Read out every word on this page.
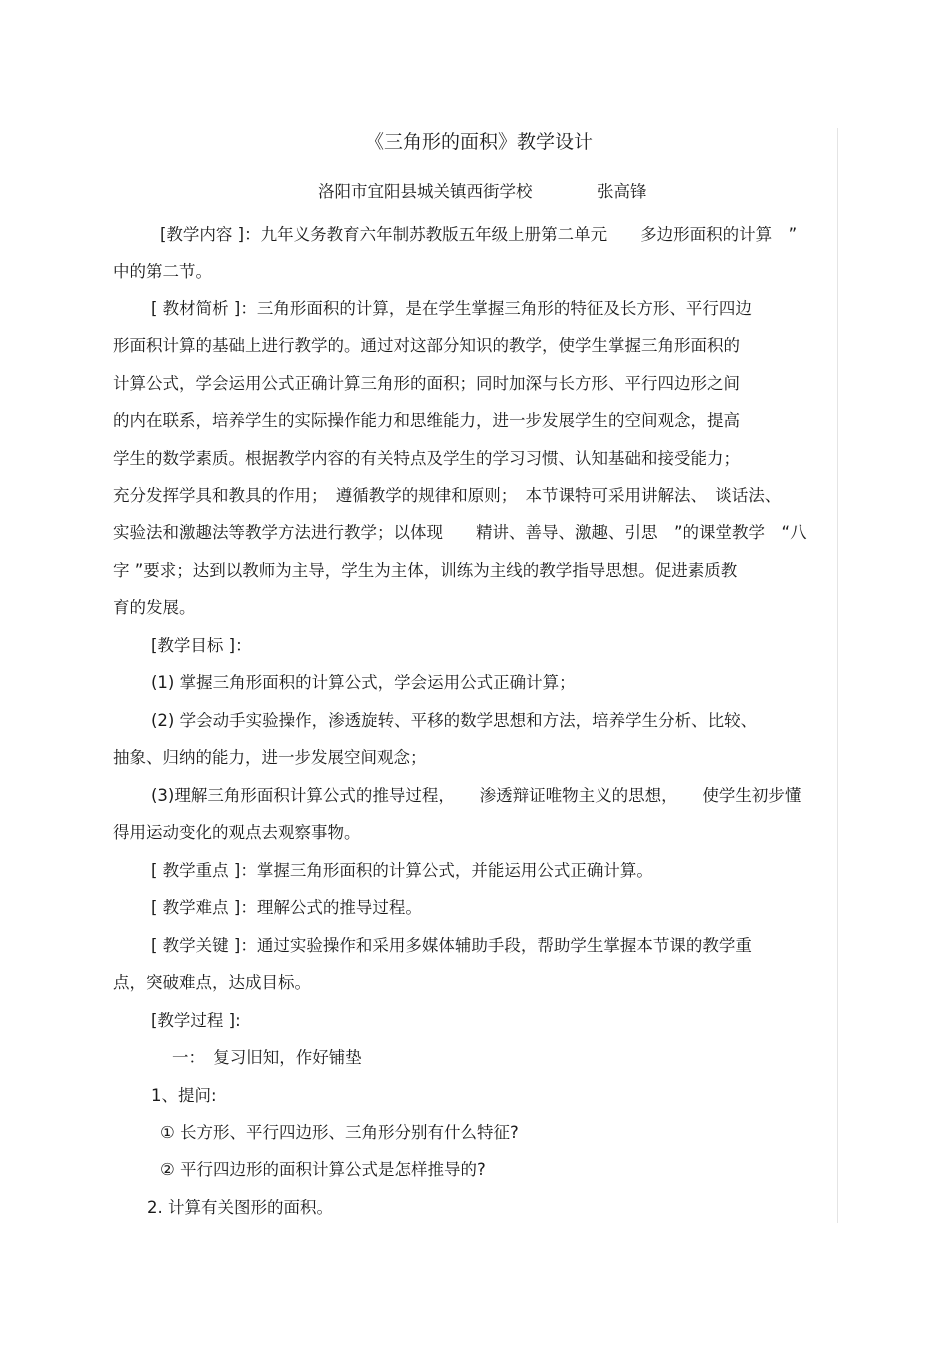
《三角形的面积》教学设计
洛阳市宜阳县城关镇西街学校	张高锋
[教学内容 ]：九年义务教育六年制苏教版五年级上册第二单元　　多边形面积的计算　”
中的第二节。
[ 教材简析 ]：三角形面积的计算，是在学生掌握三角形的特征及长方形、平行四边
形面积计算的基础上进行教学的。通过对这部分知识的教学，使学生掌握三角形面积的
计算公式，学会运用公式正确计算三角形的面积；同时加深与长方形、平行四边形之间
的内在联系，培养学生的实际操作能力和思维能力，进一步发展学生的空间观念，提高
学生的数学素质。根据教学内容的有关特点及学生的学习习惯、认知基础和接受能力；
充分发挥学具和教具的作用；　遵循教学的规律和原则；　本节课特可采用讲解法、　谈话法、
实验法和激趣法等教学方法进行教学；以体现　　精讲、善导、激趣、引思　”的课堂教学　“八
字 ”要求；达到以教师为主导，学生为主体，训练为主线的教学指导思想。促进素质教
育的发展。
[教学目标 ]：
(1) 掌握三角形面积的计算公式，学会运用公式正确计算；
(2) 学会动手实验操作，渗透旋转、平移的数学思想和方法，培养学生分析、比较、
抽象、归纳的能力，进一步发展空间观念；
(3)理解三角形面积计算公式的推导过程，　　渗透辩证唯物主义的思想，　　使学生初步懂
得用运动变化的观点去观察事物。
[ 教学重点 ]：掌握三角形面积的计算公式，并能运用公式正确计算。
[ 教学难点 ]：理解公式的推导过程。
[ 教学关键 ]：通过实验操作和采用多媒体辅助手段，帮助学生掌握本节课的教学重
点，突破难点，达成目标。
[教学过程 ]:
一：　复习旧知，作好铺垫
1、提问:
① 长方形、平行四边形、三角形分别有什么特征?
② 平行四边形的面积计算公式是怎样推导的?
2. 计算有关图形的面积。
